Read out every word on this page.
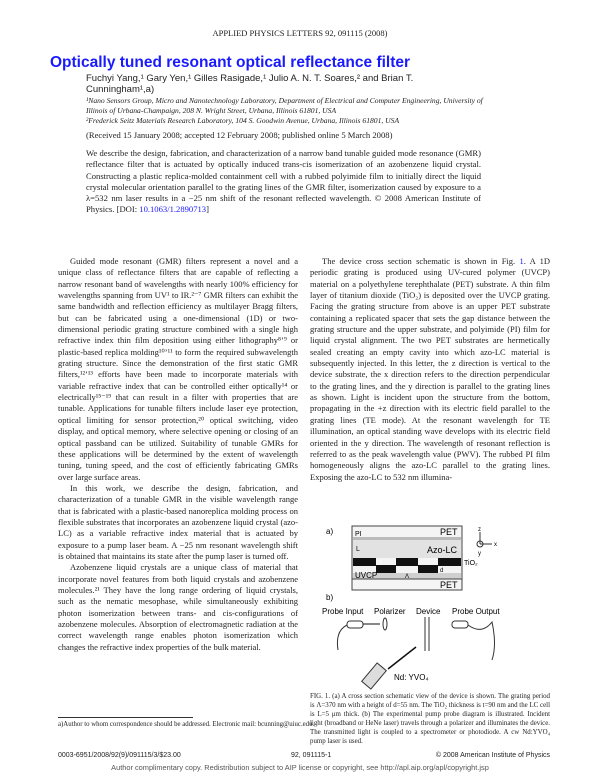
APPLIED PHYSICS LETTERS 92, 091115 (2008)
Optically tuned resonant optical reflectance filter
Fuchyi Yang,¹ Gary Yen,¹ Gilles Rasigade,¹ Julio A. N. T. Soares,² and Brian T. Cunningham¹,a)
¹Nano Sensors Group, Micro and Nanotechnology Laboratory, Department of Electrical and Computer Engineering, University of Illinois of Urbana-Champaign, 208 N. Wright Street, Urbana, Illinois 61801, USA
²Frederick Seitz Materials Research Laboratory, 104 S. Goodwin Avenue, Urbana, Illinois 61801, USA
(Received 15 January 2008; accepted 12 February 2008; published online 5 March 2008)
We describe the design, fabrication, and characterization of a narrow band tunable guided mode resonance (GMR) reflectance filter that is actuated by optically induced trans-cis isomerization of an azobenzene liquid crystal. Constructing a plastic replica-molded containment cell with a rubbed polyimide film to initially direct the liquid crystal molecular orientation parallel to the grating lines of the GMR filter, isomerization caused by exposure to a λ=532 nm laser results in a −25 nm shift of the resonant reflected wavelength. © 2008 American Institute of Physics. [DOI: 10.1063/1.2890713]

Guided mode resonant (GMR) filters represent a novel and a unique class of reflectance filters that are capable of reflecting a narrow resonant band of wavelengths with nearly 100% efficiency for wavelengths spanning from UV¹ to IR.²⁻⁷ GMR filters can exhibit the same bandwidth and reflection efficiency as multilayer Bragg filters, but can be fabricated using a one-dimensional (1D) or two-dimensional periodic grating structure combined with a single high refractive index thin film deposition using either lithography⁸ʼ⁹ or plastic-based replica molding¹⁰ʼ¹¹ to form the required subwavelength grating structure. Since the demonstration of the first static GMR filters,¹²ʼ¹³ efforts have been made to incorporate materials with variable refractive index that can be controlled either optically¹⁴ or electrically¹⁵⁻¹⁹ that can result in a filter with properties that are tunable. Applications for tunable filters include laser eye protection, optical limiting for sensor protection,²⁰ optical switching, video display, and optical memory, where selective opening or closing of an optical passband can be utilized. Suitability of tunable GMRs for these applications will be determined by the extent of wavelength tuning, tuning speed, and the cost of efficiently fabricating GMRs over large surface areas.

In this work, we describe the design, fabrication, and characterization of a tunable GMR in the visible wavelength range that is fabricated with a plastic-based nanoreplica molding process on flexible substrates that incorporates an azobenzene liquid crystal (azo-LC) as a variable refractive index material that is actuated by exposure to a pump laser beam. A −25 nm resonant wavelength shift is obtained that maintains its state after the pump laser is turned off.

Azobenzene liquid crystals are a unique class of material that incorporate novel features from both liquid crystals and azobenzene molecules.²¹ They have the long range ordering of liquid crystals, such as the nematic mesophase, while simultaneously exhibiting photon isomerization between trans- and cis-configurations of azobenzene molecules. Absorption of electromagnetic radiation at the correct wavelength range enables photon isomerization which changes the refractive index properties of the bulk material.

The device cross section schematic is shown in Fig. 1. A 1D periodic grating is produced using UV-cured polymer (UVCP) material on a polyethylene terephthalate (PET) substrate. A thin film layer of titanium dioxide (TiO₂) is deposited over the UVCP grating. Facing the grating structure from above is an upper PET substrate containing a replicated spacer that sets the gap distance between the grating structure and the upper substrate, and polyimide (PI) film for liquid crystal alignment. The two PET substrates are hermetically sealed creating an empty cavity into which azo-LC material is subsequently injected. In this letter, the z direction is vertical to the device substrate, the x direction refers to the direction perpendicular to the grating lines, and the y direction is parallel to the grating lines as shown. Light is incident upon the structure from the bottom, propagating in the +z direction with its electric field parallel to the grating lines (TE mode). At the resonant wavelength for TE illumination, an optical standing wave develops with its electric field oriented in the y direction. The wavelength of resonant reflection is referred to as the peak wavelength value (PWV). The rubbed PI film homogeneously aligns the azo-LC parallel to the grating lines. Exposing the azo-LC to 532 nm illumina-

a)	PET
PI
L	Azo-LC
TiO₂
d
t
Λ
UVCP
PET
z
x
y
b)
Probe Input Polarizer Device Probe Output
Nd: YVO₄
FIG. 1. (a) A cross section schematic view of the device is shown. The grating period is Λ=370 nm with a height of d=55 nm. The TiO₂ thickness is t=90 nm and the LC cell is L=5 μm thick. (b) The experimental pump probe diagram is illustrated. Incident light (broadband or HeNe laser) travels through a polarizer and illuminates the device. The transmitted light is coupled to a spectrometer or photodiode. A cw Nd:YVO₄ pump laser is used.
a)Author to whom correspondence should be addressed. Electronic mail: bcunning@uiuc.edu.
0003-6951/2008/92(9)/091115/3/$23.00	92, 091115-1	© 2008 American Institute of Physics
Author complimentary copy. Redistribution subject to AIP license or copyright, see http://apl.aip.org/apl/copyright.jsp
